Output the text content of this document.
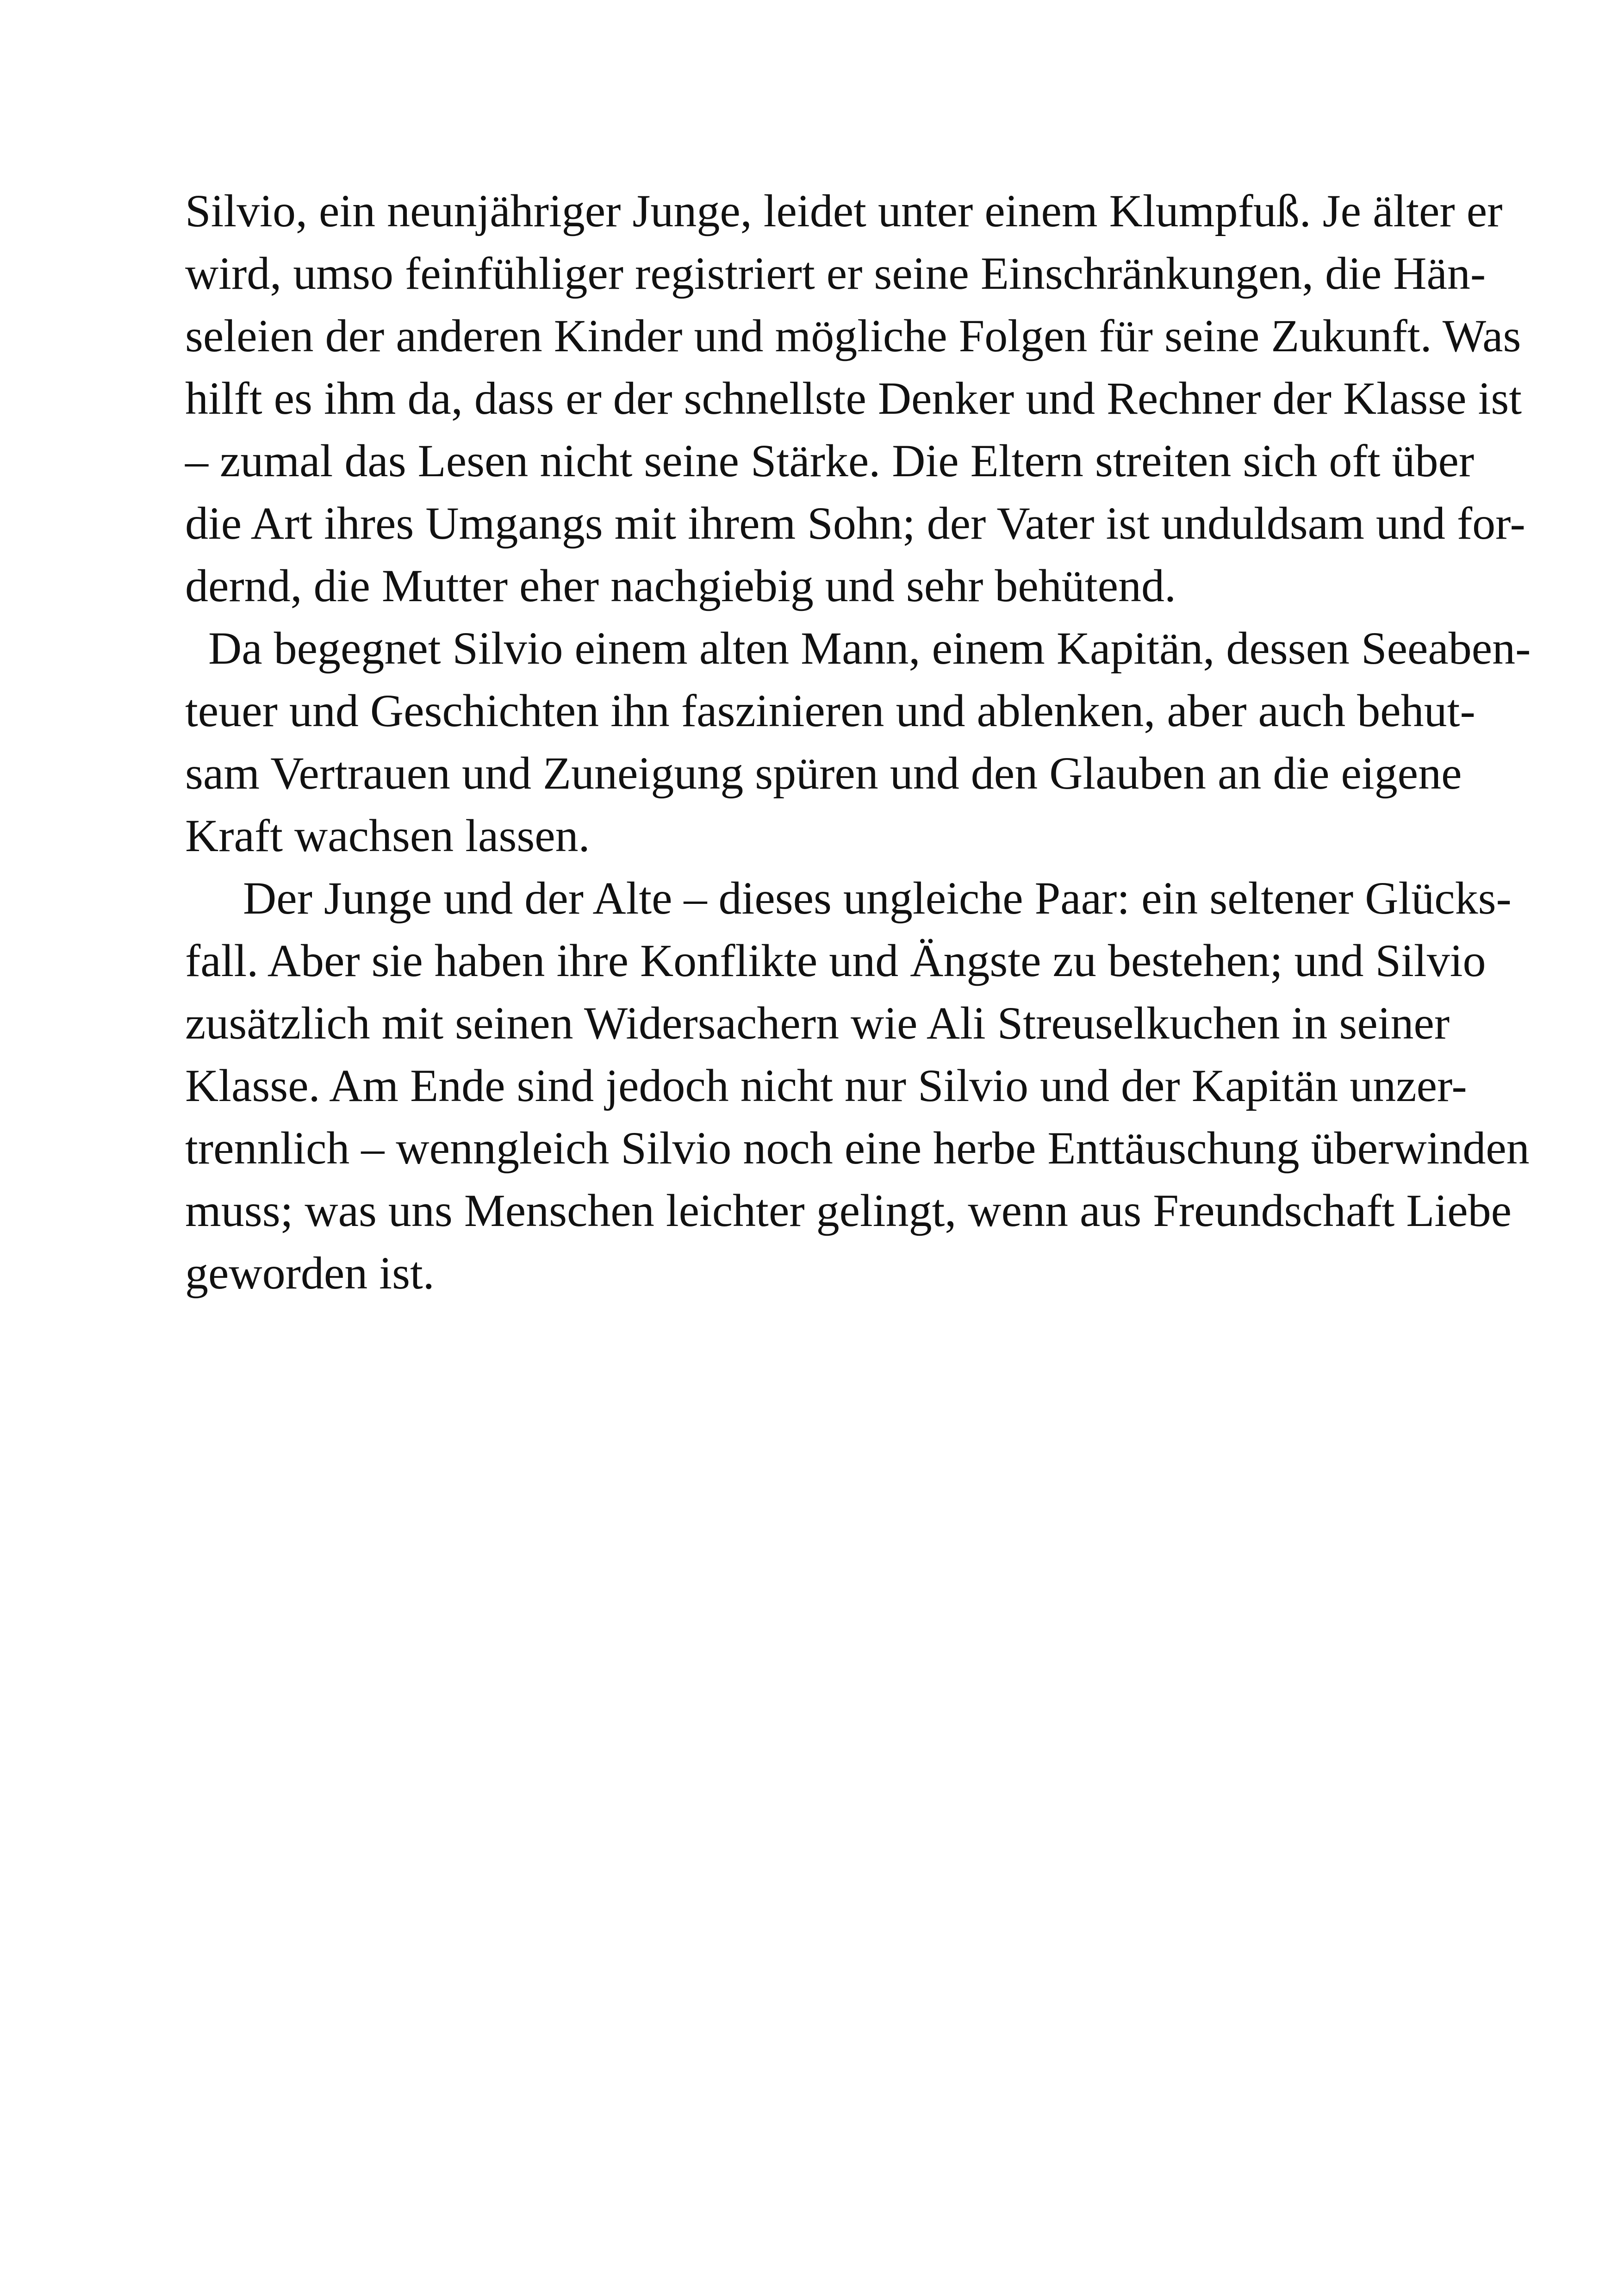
Silvio, ein neunjähriger Junge, leidet unter einem Klumpfuß. Je älter er
wird, umso feinfühliger registriert er seine Einschränkungen, die Hän-
seleien der anderen Kinder und mögliche Folgen für seine Zukunft. Was
hilft es ihm da, dass er der schnellste Denker und Rechner der Klasse ist
– zumal das Lesen nicht seine Stärke. Die Eltern streiten sich oft über
die Art ihres Umgangs mit ihrem Sohn; der Vater ist unduldsam und for-
dernd, die Mutter eher nachgiebig und sehr behütend.
Da begegnet Silvio einem alten Mann, einem Kapitän, dessen Seeaben-
teuer und Geschichten ihn faszinieren und ablenken, aber auch behut-
sam Vertrauen und Zuneigung spüren und den Glauben an die eigene
Kraft wachsen lassen.
Der Junge und der Alte – dieses ungleiche Paar: ein seltener Glücks-
fall. Aber sie haben ihre Konflikte und Ängste zu bestehen; und Silvio
zusätzlich mit seinen Widersachern wie Ali Streuselkuchen in seiner
Klasse. Am Ende sind jedoch nicht nur Silvio und der Kapitän unzer-
trennlich – wenngleich Silvio noch eine herbe Enttäuschung überwinden
muss; was uns Menschen leichter gelingt, wenn aus Freundschaft Liebe
geworden ist.
